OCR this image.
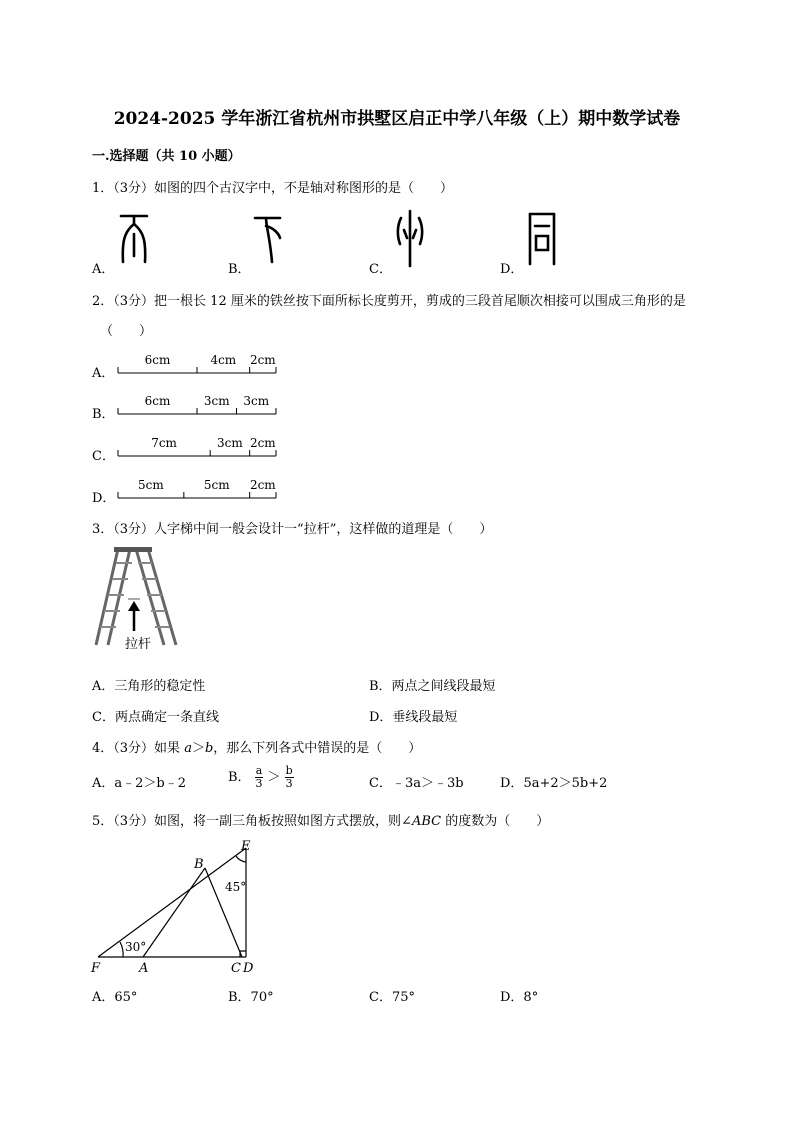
2024-2025 学年浙江省杭州市拱墅区启正中学八年级（上）期中数学试卷
一.选择题（共 10 小题）
1．（3分）如图的四个古汉字中，不是轴对称图形的是（　　）
A．	B．	C．	D．
2．（3分）把一根长 12 厘米的铁丝按下面所标长度剪开，剪成的三段首尾顺次相接可以围成三角形的是
（　　）
A．
B．
C．
D．
6cm	4cm 2cm
6cm	3cm 3cm
7cm	3cm 2cm
5cm	5cm 2cm
3．（3分）人字梯中间一般会设计一“拉杆”，这样做的道理是（　　）
拉杆
A．三角形的稳定性	B．两点之间线段最短
C．两点确定一条直线	D．垂线段最短
4．（3分）如果 a＞b，那么下列各式中错误的是（　　）
A．a﹣2＞b﹣2	B． $\frac{a}{3} > \frac{b}{3}$	C．﹣3a＞﹣3b	D．5a+2＞5b+2
5．（3分）如图，将一副三角板按照如图方式摆放，则∠ABC 的度数为（　　）
E
B
F	A	C D
45°
30°
A．65°	B．70°	C．75°	D．8°
